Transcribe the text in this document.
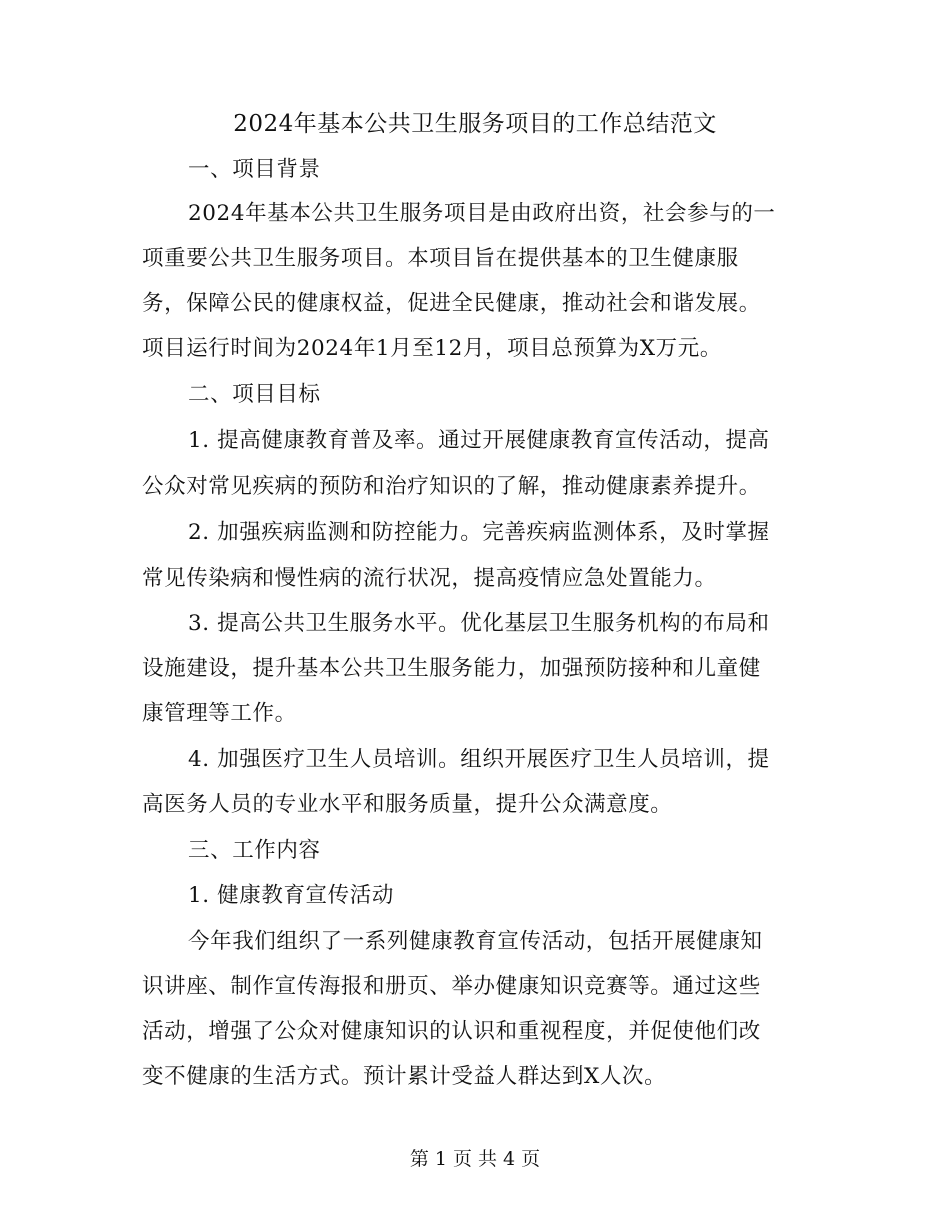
2024年基本公共卫生服务项目的工作总结范文
一、项目背景
2024年基本公共卫生服务项目是由政府出资，社会参与的一
项重要公共卫生服务项目。本项目旨在提供基本的卫生健康服
务，保障公民的健康权益，促进全民健康，推动社会和谐发展。
项目运行时间为2024年1月至12月，项目总预算为X万元。
二、项目目标
1. 提高健康教育普及率。通过开展健康教育宣传活动，提高
公众对常见疾病的预防和治疗知识的了解，推动健康素养提升。
2. 加强疾病监测和防控能力。完善疾病监测体系，及时掌握
常见传染病和慢性病的流行状况，提高疫情应急处置能力。
3. 提高公共卫生服务水平。优化基层卫生服务机构的布局和
设施建设，提升基本公共卫生服务能力，加强预防接种和儿童健
康管理等工作。
4. 加强医疗卫生人员培训。组织开展医疗卫生人员培训，提
高医务人员的专业水平和服务质量，提升公众满意度。
三、工作内容
1. 健康教育宣传活动
今年我们组织了一系列健康教育宣传活动，包括开展健康知
识讲座、制作宣传海报和册页、举办健康知识竞赛等。通过这些
活动，增强了公众对健康知识的认识和重视程度，并促使他们改
变不健康的生活方式。预计累计受益人群达到X人次。
第 1 页 共 4 页
